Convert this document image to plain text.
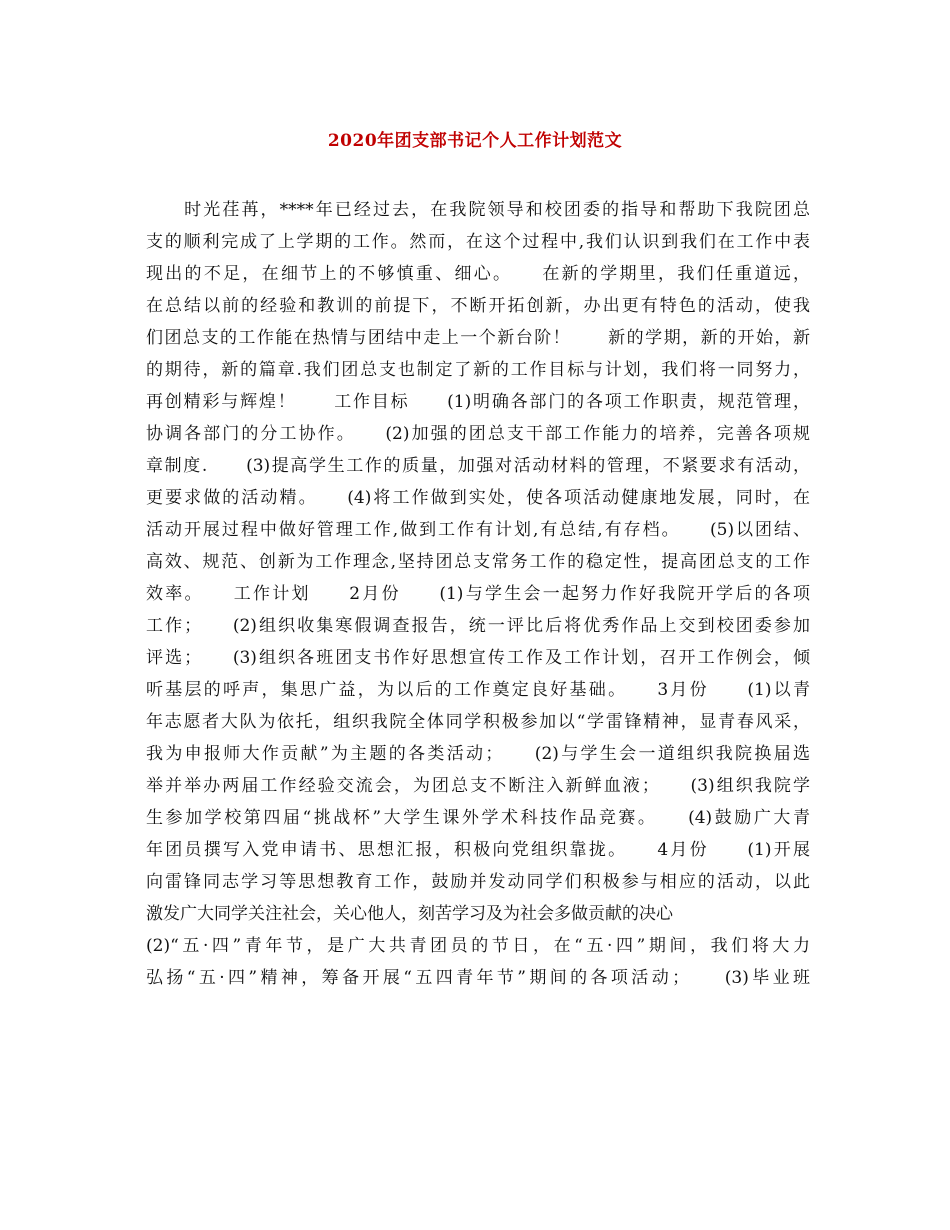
2020年团支部书记个人工作计划范文
　　时光荏苒，****年已经过去，在我院领导和校团委的指导和帮助下我院团总
支的顺利完成了上学期的工作。然而，在这个过程中,我们认识到我们在工作中表
现出的不足，在细节上的不够慎重、细心。　　在新的学期里，我们任重道远，
在总结以前的经验和教训的前提下，不断开拓创新，办出更有特色的活动，使我
们团总支的工作能在热情与团结中走上一个新台阶！　　新的学期，新的开始，新
的期待，新的篇章.我们团总支也制定了新的工作目标与计划，我们将一同努力，
再创精彩与辉煌！　　工作目标　　(1)明确各部门的各项工作职责，规范管理，
协调各部门的分工协作。　　(2)加强的团总支干部工作能力的培养，完善各项规
章制度.　　(3)提高学生工作的质量，加强对活动材料的管理，不紧要求有活动，
更要求做的活动精。　　(4)将工作做到实处，使各项活动健康地发展，同时，在
活动开展过程中做好管理工作,做到工作有计划,有总结,有存档。　　(5)以团结、
高效、规范、创新为工作理念,坚持团总支常务工作的稳定性，提高团总支的工作
效率。　　工作计划　　2月份　　(1)与学生会一起努力作好我院开学后的各项
工作；　　(2)组织收集寒假调查报告，统一评比后将优秀作品上交到校团委参加
评选；　　(3)组织各班团支书作好思想宣传工作及工作计划，召开工作例会，倾
听基层的呼声，集思广益，为以后的工作奠定良好基础。　　3月份　　(1)以青
年志愿者大队为依托，组织我院全体同学积极参加以“学雷锋精神，显青春风采，
我为申报师大作贡献”为主题的各类活动；　　(2)与学生会一道组织我院换届选
举并举办两届工作经验交流会，为团总支不断注入新鲜血液；　　(3)组织我院学
生参加学校第四届“挑战杯”大学生课外学术科技作品竞赛。　　(4)鼓励广大青
年团员撰写入党申请书、思想汇报，积极向党组织靠拢。　　4月份　　(1)开展
向雷锋同志学习等思想教育工作，鼓励并发动同学们积极参与相应的活动，以此
激发广大同学关注社会，关心他人，刻苦学习及为社会多做贡献的决心
(2)“五·四”青年节，是广大共青团员的节日，在“五·四”期间，我们将大力
弘扬“五·四”精神，筹备开展“五四青年节”期间的各项活动；　　(3)毕业班
